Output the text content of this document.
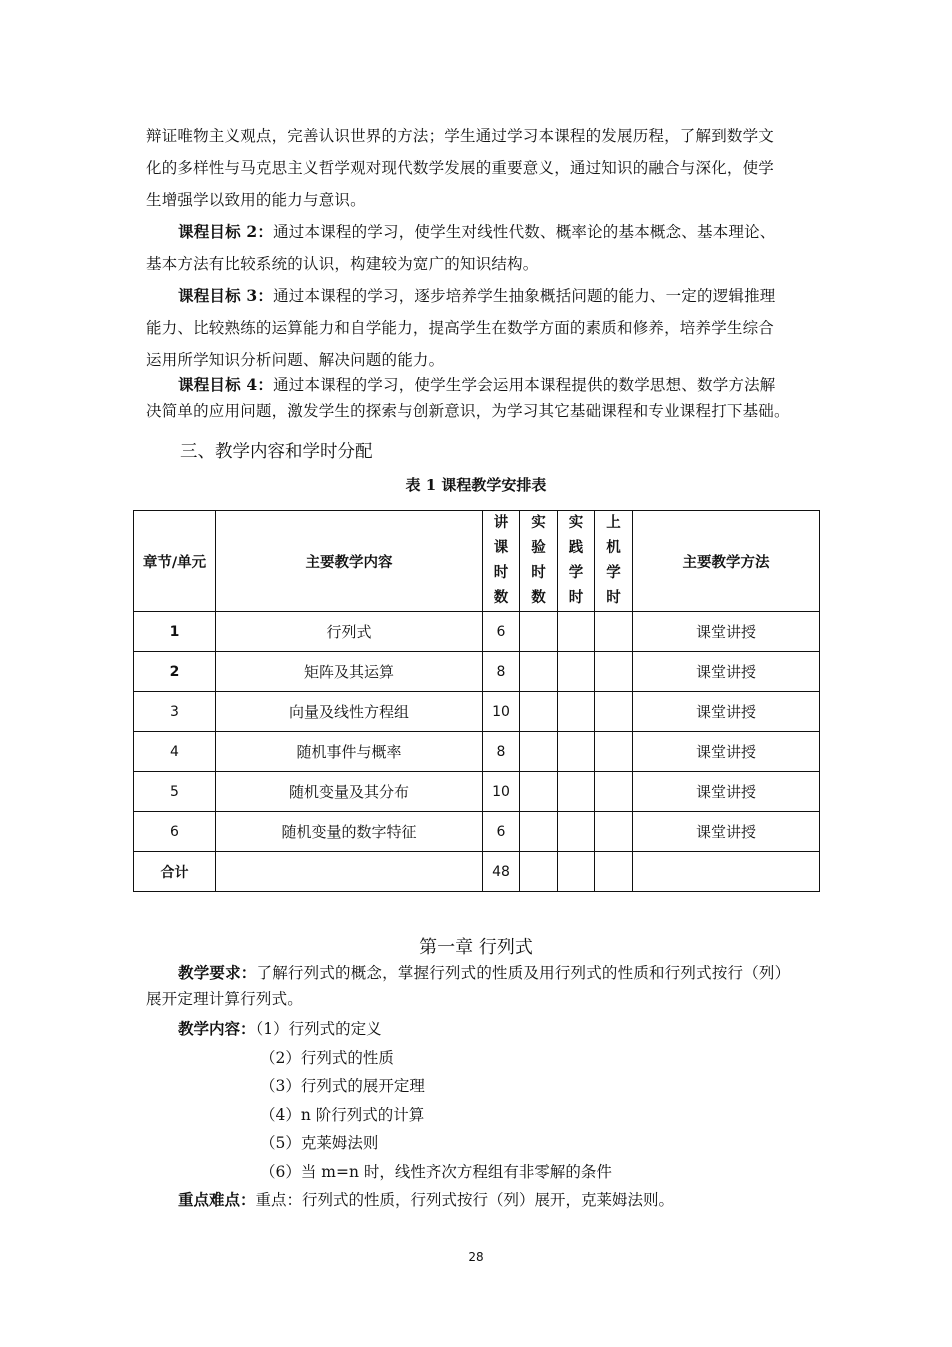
辩证唯物主义观点，完善认识世界的方法；学生通过学习本课程的发展历程，了解到数学文
化的多样性与马克思主义哲学观对现代数学发展的重要意义，通过知识的融合与深化，使学
生增强学以致用的能力与意识。
课程目标 2：通过本课程的学习，使学生对线性代数、概率论的基本概念、基本理论、
基本方法有比较系统的认识，构建较为宽广的知识结构。
课程目标 3：通过本课程的学习，逐步培养学生抽象概括问题的能力、一定的逻辑推理
能力、比较熟练的运算能力和自学能力，提高学生在数学方面的素质和修养，培养学生综合
运用所学知识分析问题、解决问题的能力。
课程目标 4：通过本课程的学习，使学生学会运用本课程提供的数学思想、数学方法解
决简单的应用问题，激发学生的探索与创新意识，为学习其它基础课程和专业课程打下基础。
三、教学内容和学时分配
表 1 课程教学安排表
章节/单元	主要教学内容	讲
课
时
数	实
验
时
数	实
践
学
时	上
机
学
时	主要教学方法
1	行列式	6				课堂讲授
2	矩阵及其运算	8				课堂讲授
3	向量及线性方程组	10				课堂讲授
4	随机事件与概率	8				课堂讲授
5	随机变量及其分布	10				课堂讲授
6	随机变量的数字特征	6				课堂讲授
合计		48				
第一章 行列式
教学要求：了解行列式的概念，掌握行列式的性质及用行列式的性质和行列式按行（列）
展开定理计算行列式。
教学内容：（1）行列式的定义
（2）行列式的性质
（3）行列式的展开定理
（4）n 阶行列式的计算
（5）克莱姆法则
（6）当 m=n 时，线性齐次方程组有非零解的条件
重点难点：重点：行列式的性质，行列式按行（列）展开，克莱姆法则。
28
